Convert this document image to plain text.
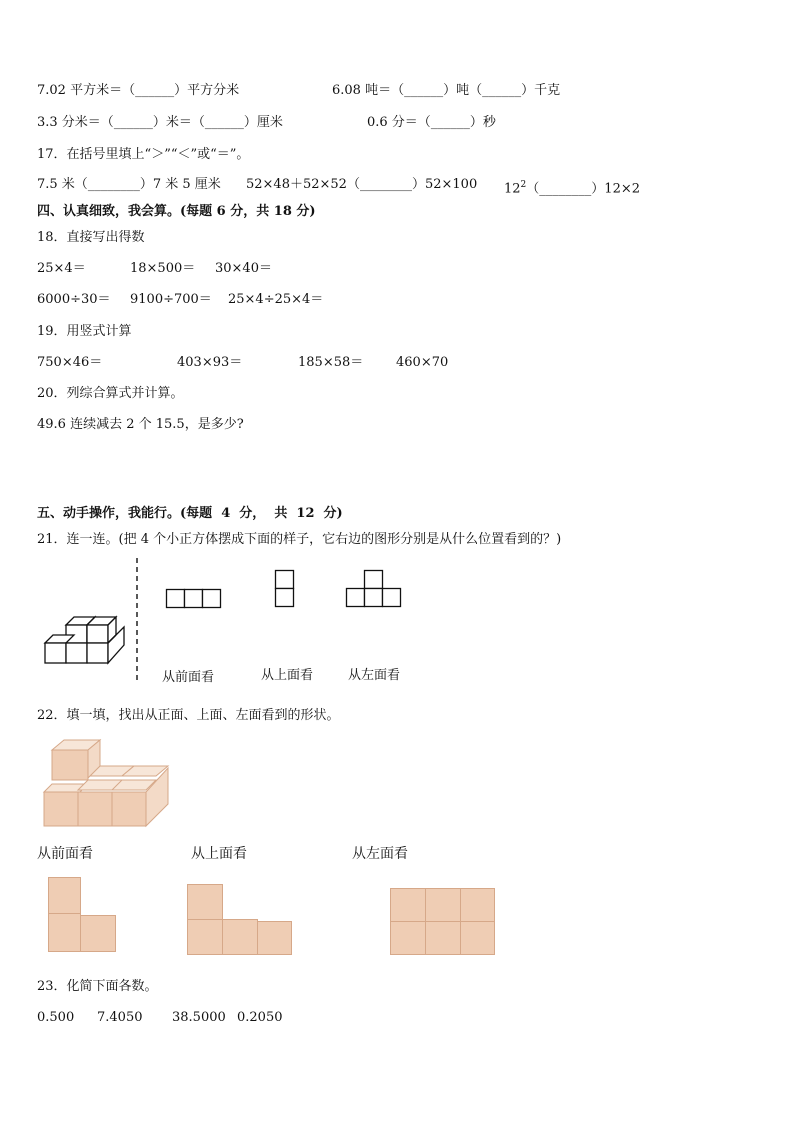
7.02 平方米＝（______）平方分米	6.08 吨＝（______）吨（______）千克
3.3 分米＝（______）米＝（______）厘米	0.6 分＝（______）秒
17．在括号里填上“＞”“＜”或“＝”。
7.5 米（________）7 米 5 厘米 52×48＋52×52（________）52×100 $12^2(\_\_\_\_\_\_\_\_)12\times 2$
四、认真细致，我会算。(每题 6 分，共 18 分)
18．直接写出得数
25×4＝	18×500＝ 30×40＝
6000÷30＝ 9100÷700＝ 25×4÷25×4＝
19．用竖式计算
750×46＝	403×93＝	185×58＝	460×70
20．列综合算式并计算。
49.6 连续减去 2 个 15.5，是多少?
五、动手操作，我能行。(每题  4  分，  共  12  分)
21．连一连。(把 4 个小正方体摆成下面的样子，它右边的图形分别是从什么位置看到的？)
从前面看	从上面看	从左面看
22．填一填，找出从正面、上面、左面看到的形状。
从前面看	从上面看	从左面看
23．化简下面各数。
0.500 7.4050 38.5000 0.2050
